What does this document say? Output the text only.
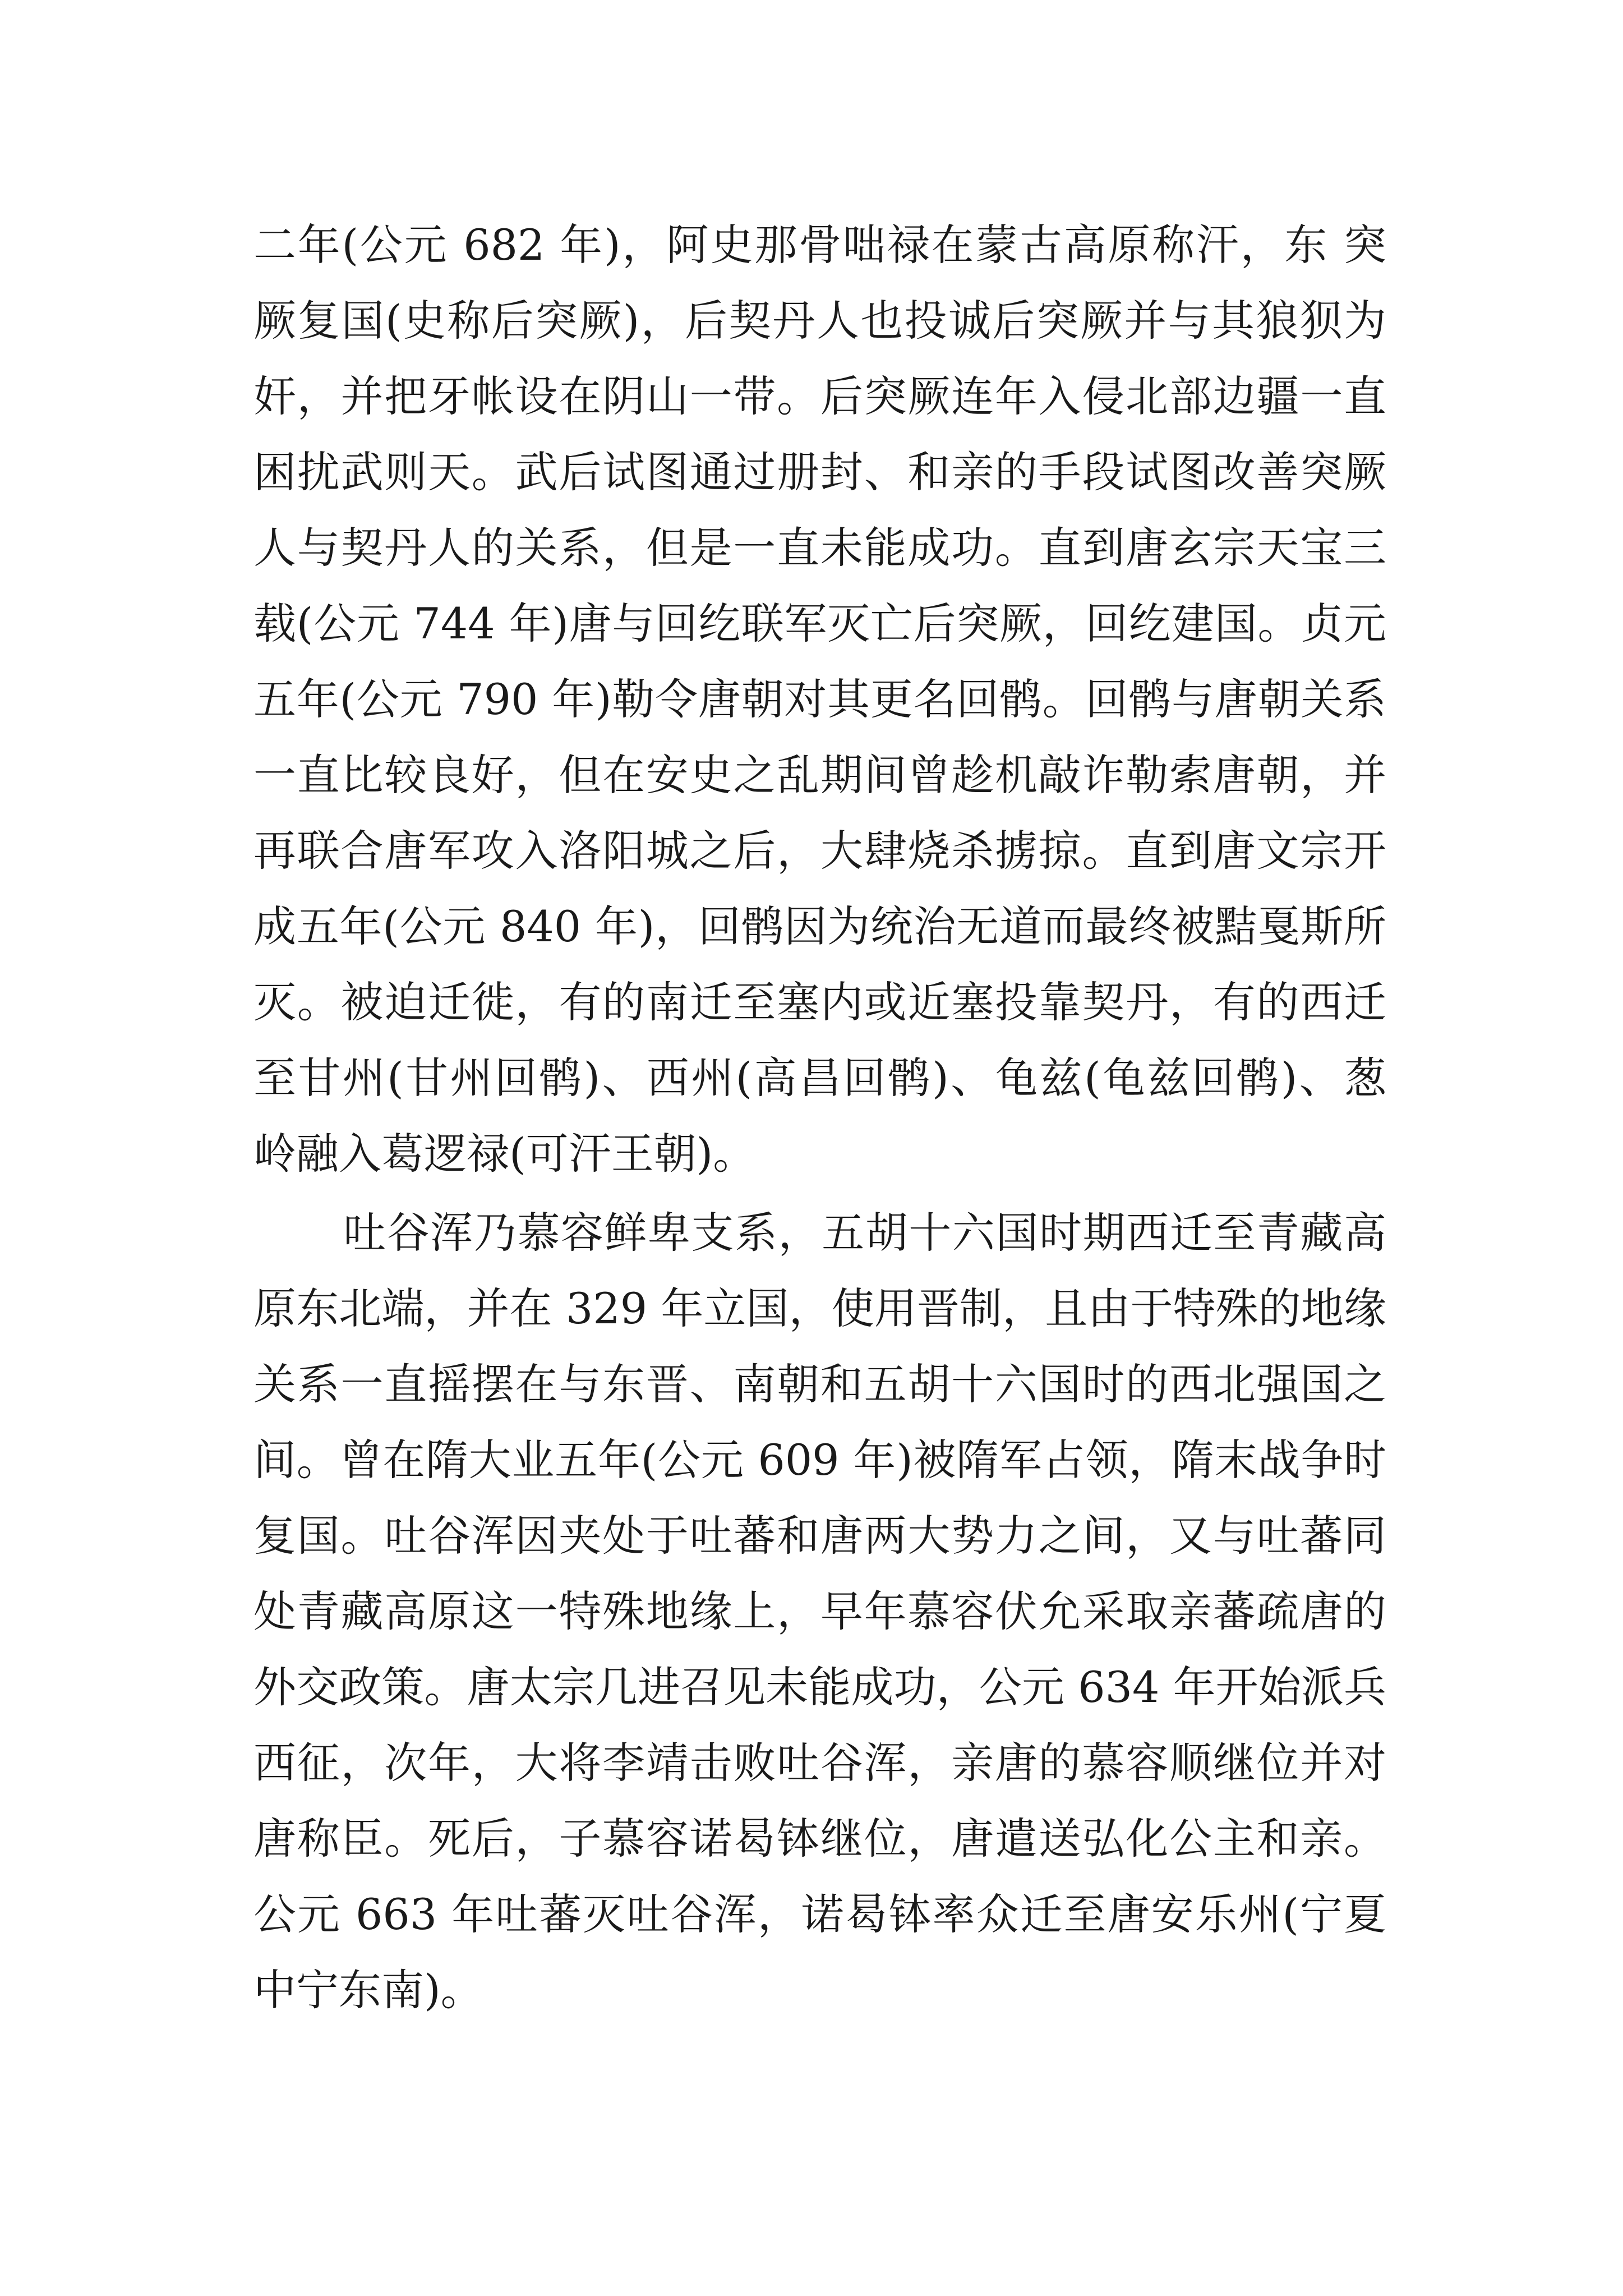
二年(公元 682 年)，阿史那骨咄禄在蒙古高原称汗，东 突
厥复国(史称后突厥)，后契丹人也投诚后突厥并与其狼狈为
奸，并把牙帐设在阴山一带。后突厥连年入侵北部边疆一直
困扰武则天。武后试图通过册封、和亲的手段试图改善突厥
人与契丹人的关系，但是一直未能成功。直到唐玄宗天宝三
载(公元 744 年)唐与回纥联军灭亡后突厥，回纥建国。贞元
五年(公元 790 年)勒令唐朝对其更名回鹘。回鹘与唐朝关系
一直比较良好，但在安史之乱期间曾趁机敲诈勒索唐朝，并
再联合唐军攻入洛阳城之后，大肆烧杀掳掠。直到唐文宗开
成五年(公元 840 年)，回鹘因为统治无道而最终被黠戛斯所
灭。被迫迁徙，有的南迁至塞内或近塞投靠契丹，有的西迁
至甘州(甘州回鹘)、西州(高昌回鹘)、龟兹(龟兹回鹘)、葱
岭融入葛逻禄(可汗王朝)。
吐谷浑乃慕容鲜卑支系，五胡十六国时期西迁至青藏高
原东北端，并在 329 年立国，使用晋制，且由于特殊的地缘
关系一直摇摆在与东晋、南朝和五胡十六国时的西北强国之
间。曾在隋大业五年(公元 609 年)被隋军占领，隋末战争时
复国。吐谷浑因夹处于吐蕃和唐两大势力之间，又与吐蕃同
处青藏高原这一特殊地缘上，早年慕容伏允采取亲蕃疏唐的
外交政策。唐太宗几进召见未能成功，公元 634 年开始派兵
西征，次年，大将李靖击败吐谷浑，亲唐的慕容顺继位并对
唐称臣。死后，子慕容诺曷钵继位，唐遣送弘化公主和亲。
公元 663 年吐蕃灭吐谷浑，诺曷钵率众迁至唐安乐州(宁夏
中宁东南)。
